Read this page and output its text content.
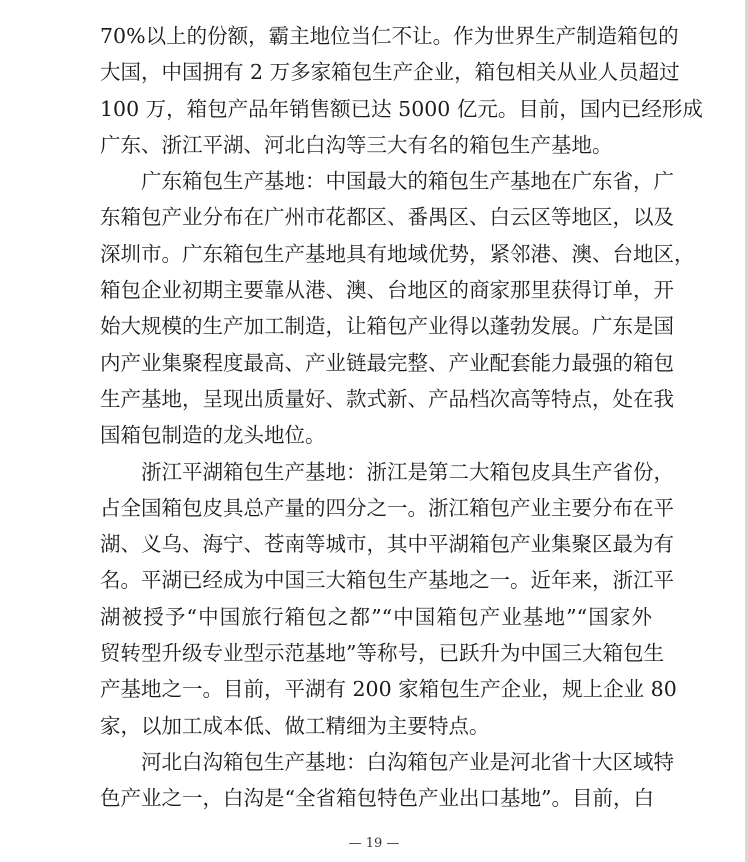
70%以上的份额，霸主地位当仁不让。作为世界生产制造箱包的
大国，中国拥有 2 万多家箱包生产企业，箱包相关从业人员超过
100 万，箱包产品年销售额已达 5000 亿元。目前，国内已经形成
广东、浙江平湖、河北白沟等三大有名的箱包生产基地。
广东箱包生产基地：中国最大的箱包生产基地在广东省，广
东箱包产业分布在广州市花都区、番禺区、白云区等地区，以及
深圳市。广东箱包生产基地具有地域优势，紧邻港、澳、台地区，
箱包企业初期主要靠从港、澳、台地区的商家那里获得订单，开
始大规模的生产加工制造，让箱包产业得以蓬勃发展。广东是国
内产业集聚程度最高、产业链最完整、产业配套能力最强的箱包
生产基地，呈现出质量好、款式新、产品档次高等特点，处在我
国箱包制造的龙头地位。
浙江平湖箱包生产基地：浙江是第二大箱包皮具生产省份，
占全国箱包皮具总产量的四分之一。浙江箱包产业主要分布在平
湖、义乌、海宁、苍南等城市，其中平湖箱包产业集聚区最为有
名。平湖已经成为中国三大箱包生产基地之一。近年来，浙江平
湖被授予“中国旅行箱包之都”“中国箱包产业基地”“国家外
贸转型升级专业型示范基地”等称号，已跃升为中国三大箱包生
产基地之一。目前，平湖有 200 家箱包生产企业，规上企业 80
家，以加工成本低、做工精细为主要特点。
河北白沟箱包生产基地：白沟箱包产业是河北省十大区域特
色产业之一，白沟是“全省箱包特色产业出口基地”。目前，白
— 19 —
